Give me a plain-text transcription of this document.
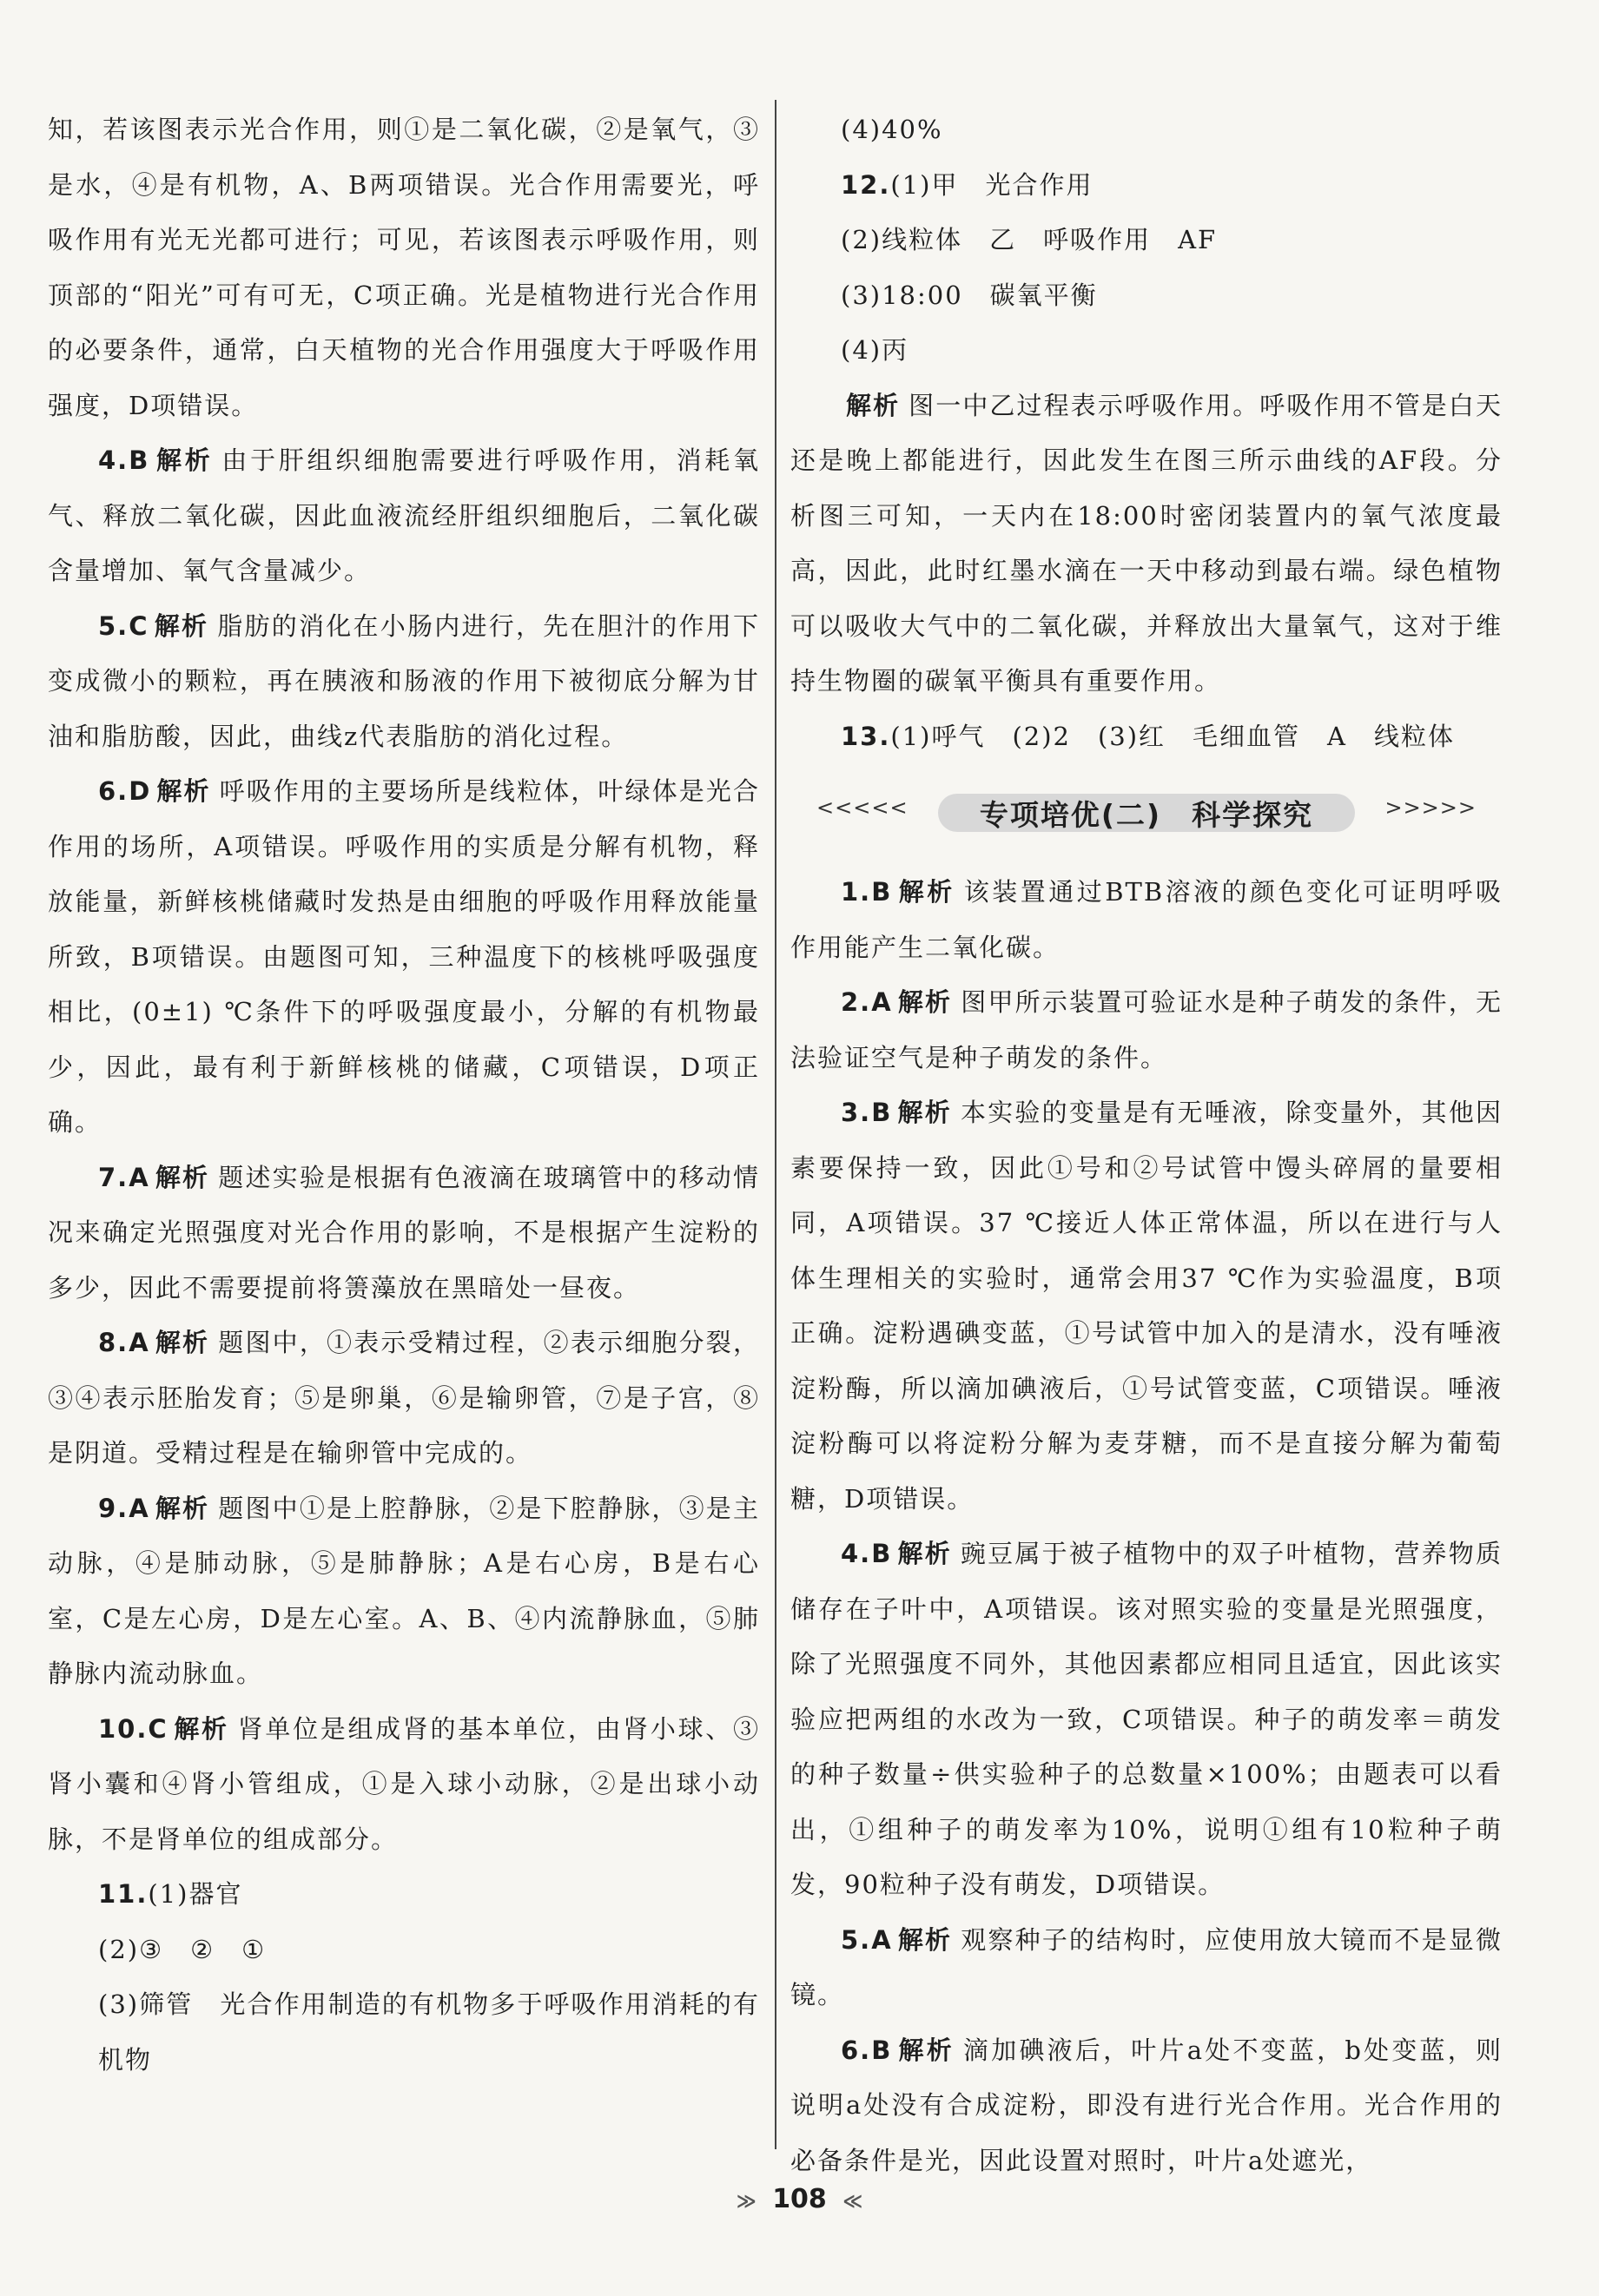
知，若该图表示光合作用，则①是二氧化碳，②是氧气，③是水，④是有机物，A、B两项错误。光合作用需要光，呼吸作用有光无光都可进行；可见，若该图表示呼吸作用，则顶部的“阳光”可有可无，C项正确。光是植物进行光合作用的必要条件，通常，白天植物的光合作用强度大于呼吸作用强度，D项错误。

4.B 解析 由于肝组织细胞需要进行呼吸作用，消耗氧气、释放二氧化碳，因此血液流经肝组织细胞后，二氧化碳含量增加、氧气含量减少。

5.C 解析 脂肪的消化在小肠内进行，先在胆汁的作用下变成微小的颗粒，再在胰液和肠液的作用下被彻底分解为甘油和脂肪酸，因此，曲线z代表脂肪的消化过程。

6.D 解析 呼吸作用的主要场所是线粒体，叶绿体是光合作用的场所，A项错误。呼吸作用的实质是分解有机物，释放能量，新鲜核桃储藏时发热是由细胞的呼吸作用释放能量所致，B项错误。由题图可知，三种温度下的核桃呼吸强度相比，(0±1) ℃条件下的呼吸强度最小，分解的有机物最少，因此，最有利于新鲜核桃的储藏，C项错误，D项正确。

7.A 解析 题述实验是根据有色液滴在玻璃管中的移动情况来确定光照强度对光合作用的影响，不是根据产生淀粉的多少，因此不需要提前将箦藻放在黑暗处一昼夜。

8.A 解析 题图中，①表示受精过程，②表示细胞分裂，③④表示胚胎发育；⑤是卵巢，⑥是输卵管，⑦是子宫，⑧是阴道。受精过程是在输卵管中完成的。

9.A 解析 题图中①是上腔静脉，②是下腔静脉，③是主动脉，④是肺动脉，⑤是肺静脉；A是右心房，B是右心室，C是左心房，D是左心室。A、B、④内流静脉血，⑤肺静脉内流动脉血。

10.C 解析 肾单位是组成肾的基本单位，由肾小球、③肾小囊和④肾小管组成，①是入球小动脉，②是出球小动脉，不是肾单位的组成部分。

11.(1)器官

(2)③　②　①

(3)筛管　光合作用制造的有机物多于呼吸作用消耗的有机物

(4)40%

12.(1)甲　光合作用

(2)线粒体　乙　呼吸作用　AF

(3)18:00　碳氧平衡

(4)丙

解析 图一中乙过程表示呼吸作用。呼吸作用不管是白天还是晚上都能进行，因此发生在图三所示曲线的AF段。分析图三可知，一天内在18:00时密闭装置内的氧气浓度最高，因此，此时红墨水滴在一天中移动到最右端。绿色植物可以吸收大气中的二氧化碳，并释放出大量氧气，这对于维持生物圈的碳氧平衡具有重要作用。

13.(1)呼气　(2)2　(3)红　毛细血管　A　线粒体

<<<<< 专项培优(二)　科学探究	>>>>>

1.B 解析 该装置通过BTB溶液的颜色变化可证明呼吸作用能产生二氧化碳。

2.A 解析 图甲所示装置可验证水是种子萌发的条件，无法验证空气是种子萌发的条件。

3.B 解析 本实验的变量是有无唾液，除变量外，其他因素要保持一致，因此①号和②号试管中馒头碎屑的量要相同，A项错误。37 ℃接近人体正常体温，所以在进行与人体生理相关的实验时，通常会用37 ℃作为实验温度，B项正确。淀粉遇碘变蓝，①号试管中加入的是清水，没有唾液淀粉酶，所以滴加碘液后，①号试管变蓝，C项错误。唾液淀粉酶可以将淀粉分解为麦芽糖，而不是直接分解为葡萄糖，D项错误。

4.B 解析 豌豆属于被子植物中的双子叶植物，营养物质储存在子叶中，A项错误。该对照实验的变量是光照强度，除了光照强度不同外，其他因素都应相同且适宜，因此该实验应把两组的水改为一致，C项错误。种子的萌发率＝萌发的种子数量÷供实验种子的总数量×100%；由题表可以看出，①组种子的萌发率为10%，说明①组有10粒种子萌发，90粒种子没有萌发，D项错误。

5.A 解析 观察种子的结构时，应使用放大镜而不是显微镜。

6.B 解析 滴加碘液后，叶片a处不变蓝，b处变蓝，则说明a处没有合成淀粉，即没有进行光合作用。光合作用的必备条件是光，因此设置对照时，叶片a处遮光，

≫ 108 ≪
